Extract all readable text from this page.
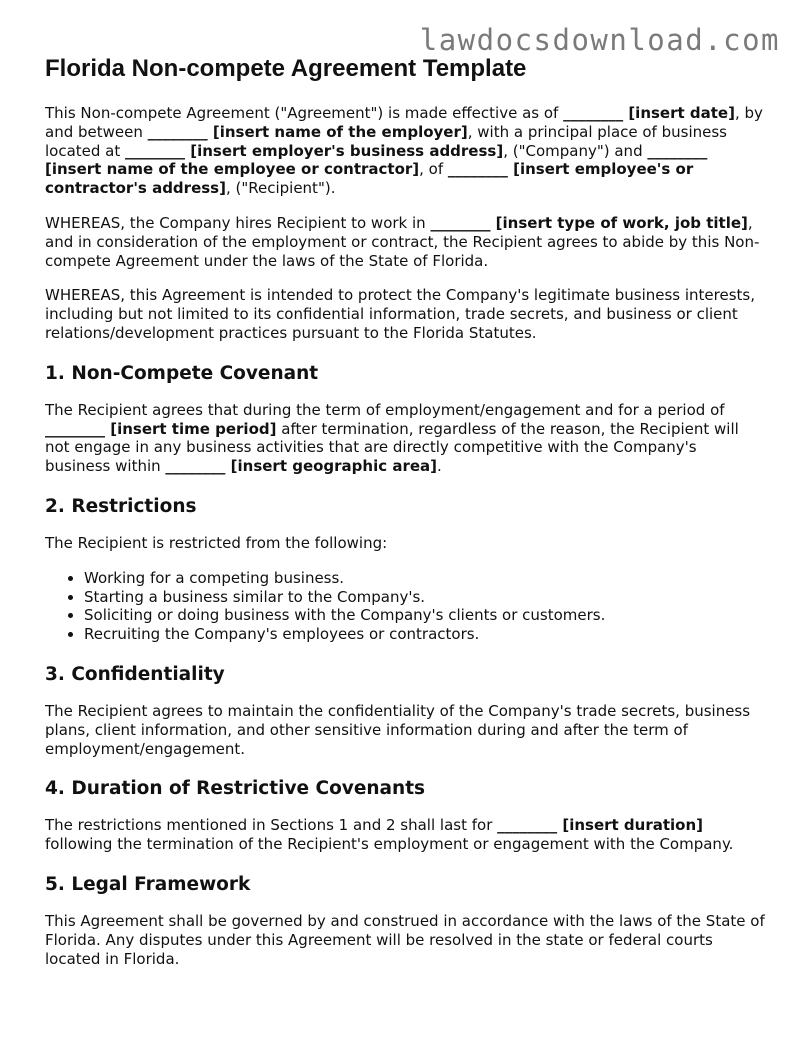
lawdocsdownload.com
Florida Non-compete Agreement Template

This Non-compete Agreement ("Agreement") is made effective as of ________ [insert date], by and between ________ [insert name of the employer], with a principal place of business located at ________ [insert employer's business address], ("Company") and ________ [insert name of the employee or contractor], of ________ [insert employee's or contractor's address], ("Recipient").

WHEREAS, the Company hires Recipient to work in ________ [insert type of work, job title], and in consideration of the employment or contract, the Recipient agrees to abide by this Non-compete Agreement under the laws of the State of Florida.

WHEREAS, this Agreement is intended to protect the Company's legitimate business interests, including but not limited to its confidential information, trade secrets, and business or client relations/development practices pursuant to the Florida Statutes.

1. Non-Compete Covenant

The Recipient agrees that during the term of employment/engagement and for a period of ________ [insert time period] after termination, regardless of the reason, the Recipient will not engage in any business activities that are directly competitive with the Company's business within ________ [insert geographic area].

2. Restrictions

The Recipient is restricted from the following:

• Working for a competing business.
• Starting a business similar to the Company's.
• Soliciting or doing business with the Company's clients or customers.
• Recruiting the Company's employees or contractors.
3. Confidentiality

The Recipient agrees to maintain the confidentiality of the Company's trade secrets, business plans, client information, and other sensitive information during and after the term of employment/engagement.

4. Duration of Restrictive Covenants

The restrictions mentioned in Sections 1 and 2 shall last for ________ [insert duration] following the termination of the Recipient's employment or engagement with the Company.

5. Legal Framework

This Agreement shall be governed by and construed in accordance with the laws of the State of Florida. Any disputes under this Agreement will be resolved in the state or federal courts located in Florida.
